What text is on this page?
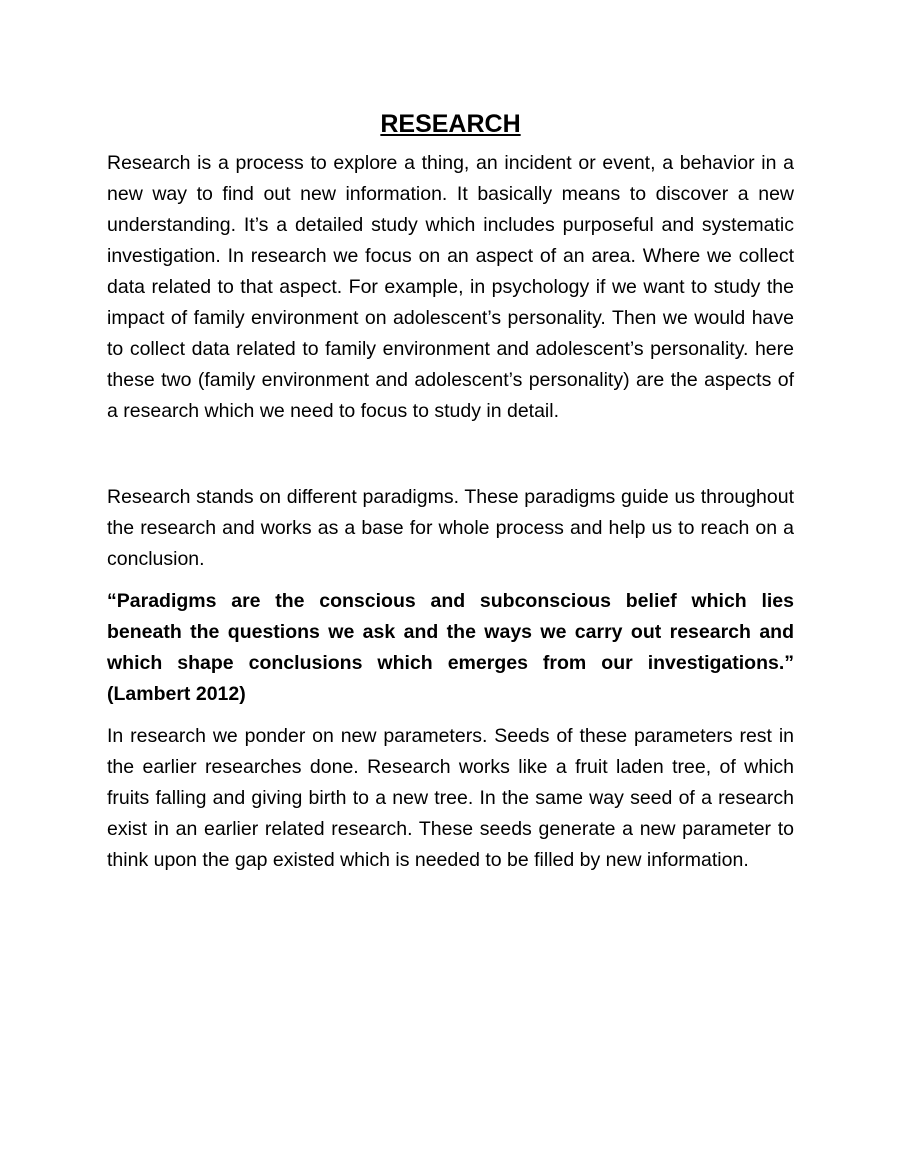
RESEARCH

Research is a process to explore a thing, an incident or event, a behavior in a new way to find out new information. It basically means to discover a new understanding. It’s a detailed study which includes purposeful and systematic investigation. In research we focus on an aspect of an area. Where we collect data related to that aspect. For example, in psychology if we want to study the impact of family environment on adolescent’s personality. Then we would have to collect data related to family environment and adolescent’s personality. here these two (family environment and adolescent’s personality) are the aspects of a research which we need to focus to study in detail.

Research stands on different paradigms. These paradigms guide us throughout the research and works as a base for whole process and help us to reach on a conclusion.

“Paradigms are the conscious and subconscious belief which lies beneath the questions we ask and the ways we carry out research and which shape conclusions which emerges from our investigations.” (Lambert 2012)

In research we ponder on new parameters. Seeds of these parameters rest in the earlier researches done. Research works like a fruit laden tree, of which fruits falling and giving birth to a new tree. In the same way seed of a research exist in an earlier related research. These seeds generate a new parameter to think upon the gap existed which is needed to be filled by new information.
